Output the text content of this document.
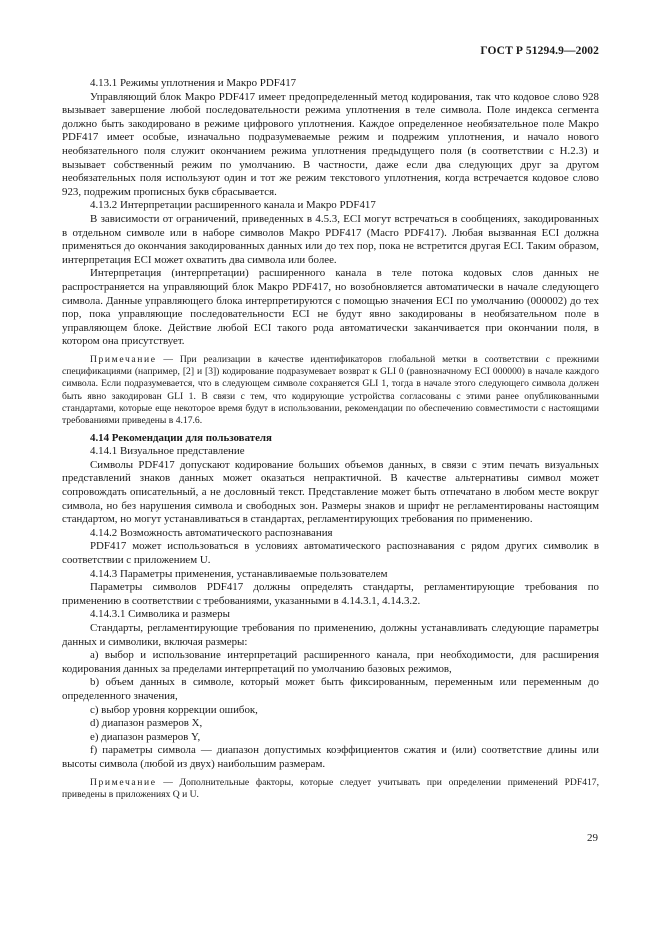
ГОСТ Р 51294.9—2002

4.13.1 Режимы уплотнения и Макро PDF417

Управляющий блок Макро PDF417 имеет предопределенный метод кодирования, так что кодовое слово 928 вызывает завершение любой последовательности режима уплотнения в теле символа. Поле индекса сегмента должно быть закодировано в режиме цифрового уплотнения. Каждое определенное необязательное поле Макро PDF417 имеет особые, изначально подразумеваемые режим и подрежим уплотнения, и начало нового необязательного поля служит окончанием режима уплотнения предыдущего поля (в соответствии с Н.2.3) и вызывает собственный режим по умолчанию. В частности, даже если два следующих друг за другом необязательных поля используют один и тот же режим текстового уплотнения, когда встречается кодовое слово 923, подрежим прописных букв сбрасывается.

4.13.2 Интерпретации расширенного канала и Макро PDF417

В зависимости от ограничений, приведенных в 4.5.3, ECI могут встречаться в сообщениях, закодированных в отдельном символе или в наборе символов Макро PDF417 (Macro PDF417). Любая вызванная ECI должна применяться до окончания закодированных данных или до тех пор, пока не встретится другая ECI. Таким образом, интерпретация ECI может охватить два символа или более.

Интерпретация (интерпретации) расширенного канала в теле потока кодовых слов данных не распространяется на управляющий блок Макро PDF417, но возобновляется автоматически в начале следующего символа. Данные управляющего блока интерпретируются с помощью значения ECI по умолчанию (000002) до тех пор, пока управляющие последовательности ECI не будут явно закодированы в необязательном поле в управляющем блоке. Действие любой ECI такого рода автоматически заканчивается при окончании поля, в котором она присутствует.

Примечание — При реализации в качестве идентификаторов глобальной метки в соответствии с прежними спецификациями (например, [2] и [3]) кодирование подразумевает возврат к GLI 0 (равнозначному ECI 000000) в начале каждого символа. Если подразумевается, что в следующем символе сохраняется GLI 1, тогда в начале этого следующего символа должен быть явно закодирован GLI 1. В связи с тем, что кодирующие устройства согласованы с этими ранее опубликованными стандартами, которые еще некоторое время будут в использовании, рекомендации по обеспечению совместимости с настоящими требованиями приведены в 4.17.6.

4.14 Рекомендации для пользователя

4.14.1 Визуальное представление

Символы PDF417 допускают кодирование больших объемов данных, в связи с этим печать визуальных представлений знаков данных может оказаться непрактичной. В качестве альтернативы символ может сопровождать описательный, а не дословный текст. Представление может быть отпечатано в любом месте вокруг символа, но без нарушения символа и свободных зон. Размеры знаков и шрифт не регламентированы настоящим стандартом, но могут устанавливаться в стандартах, регламентирующих требования по применению.

4.14.2 Возможность автоматического распознавания

PDF417 может использоваться в условиях автоматического распознавания с рядом других символик в соответствии с приложением U.

4.14.3 Параметры применения, устанавливаемые пользователем

Параметры символов PDF417 должны определять стандарты, регламентирующие требования по применению в соответствии с требованиями, указанными в 4.14.3.1, 4.14.3.2.

4.14.3.1 Символика и размеры

Стандарты, регламентирующие требования по применению, должны устанавливать следующие параметры данных и символики, включая размеры:

a) выбор и использование интерпретаций расширенного канала, при необходимости, для расширения кодирования данных за пределами интерпретаций по умолчанию базовых режимов,

b) объем данных в символе, который может быть фиксированным, переменным или переменным до определенного значения,

c) выбор уровня коррекции ошибок,

d) диапазон размеров X,

e) диапазон размеров Y,

f) параметры символа — диапазон допустимых коэффициентов сжатия и (или) соответствие длины или высоты символа (любой из двух) наибольшим размерам.

Примечание — Дополнительные факторы, которые следует учитывать при определении применений PDF417, приведены в приложениях Q и U.

29
